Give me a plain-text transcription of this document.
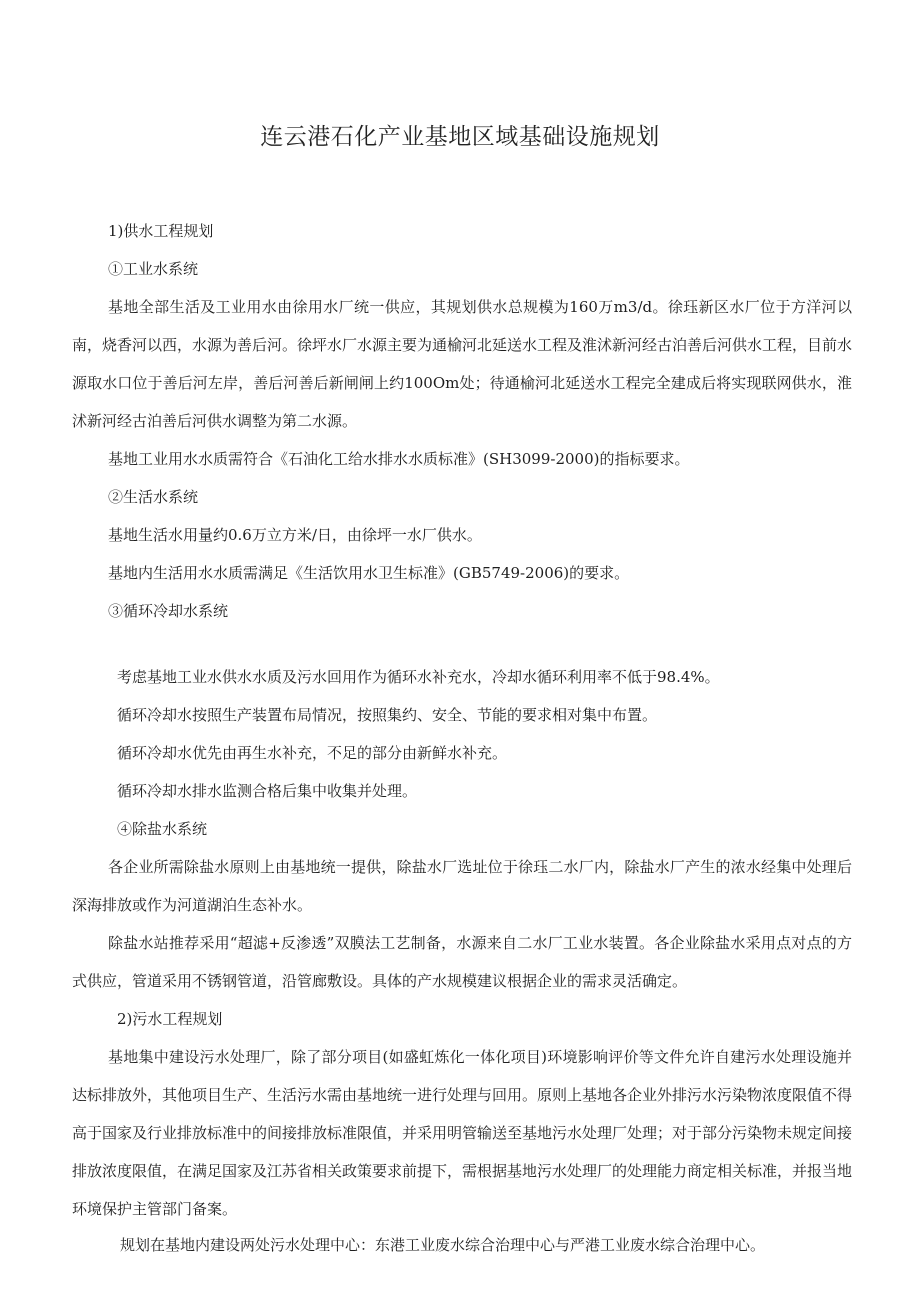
连云港石化产业基地区域基础设施规划
1)供水工程规划
①工业水系统
基地全部生活及工业用水由徐用水厂统一供应，其规划供水总规模为160万m3/d。徐珏新区水厂位于方洋河以南，烧香河以西，水源为善后河。徐坪水厂水源主要为通榆河北延送水工程及淮沭新河经古泊善后河供水工程，目前水源取水口位于善后河左岸，善后河善后新闸闸上约100Om处；待通榆河北延送水工程完全建成后将实现联网供水，淮沭新河经古泊善后河供水调整为第二水源。
基地工业用水水质需符合《石油化工给水排水水质标准》(SH3099-2000)的指标要求。
②生活水系统
基地生活水用量约0.6万立方米/日，由徐坪一水厂供水。
基地内生活用水水质需满足《生活饮用水卫生标准》(GB5749-2006)的要求。
③循环冷却水系统
考虑基地工业水供水水质及污水回用作为循环水补充水，冷却水循环利用率不低于98.4%。
循环冷却水按照生产装置布局情况，按照集约、安全、节能的要求相对集中布置。
循环冷却水优先由再生水补充，不足的部分由新鲜水补充。
循环冷却水排水监测合格后集中收集并处理。
④除盐水系统
各企业所需除盐水原则上由基地统一提供，除盐水厂选址位于徐珏二水厂内，除盐水厂产生的浓水经集中处理后深海排放或作为河道湖泊生态补水。
除盐水站推荐采用“超滤+反渗透”双膜法工艺制备，水源来自二水厂工业水装置。各企业除盐水采用点对点的方式供应，管道采用不锈钢管道，沿管廊敷设。具体的产水规模建议根据企业的需求灵活确定。
2)污水工程规划
基地集中建设污水处理厂，除了部分项目(如盛虹炼化一体化项目)环境影响评价等文件允许自建污水处理设施并达标排放外，其他项目生产、生活污水需由基地统一进行处理与回用。原则上基地各企业外排污水污染物浓度限值不得高于国家及行业排放标准中的间接排放标准限值，并采用明管输送至基地污水处理厂处理；对于部分污染物未规定间接排放浓度限值，在满足国家及江苏省相关政策要求前提下，需根据基地污水处理厂的处理能力商定相关标准，并报当地环境保护主管部门备案。
规划在基地内建设两处污水处理中心：东港工业废水综合治理中心与严港工业废水综合治理中心。
